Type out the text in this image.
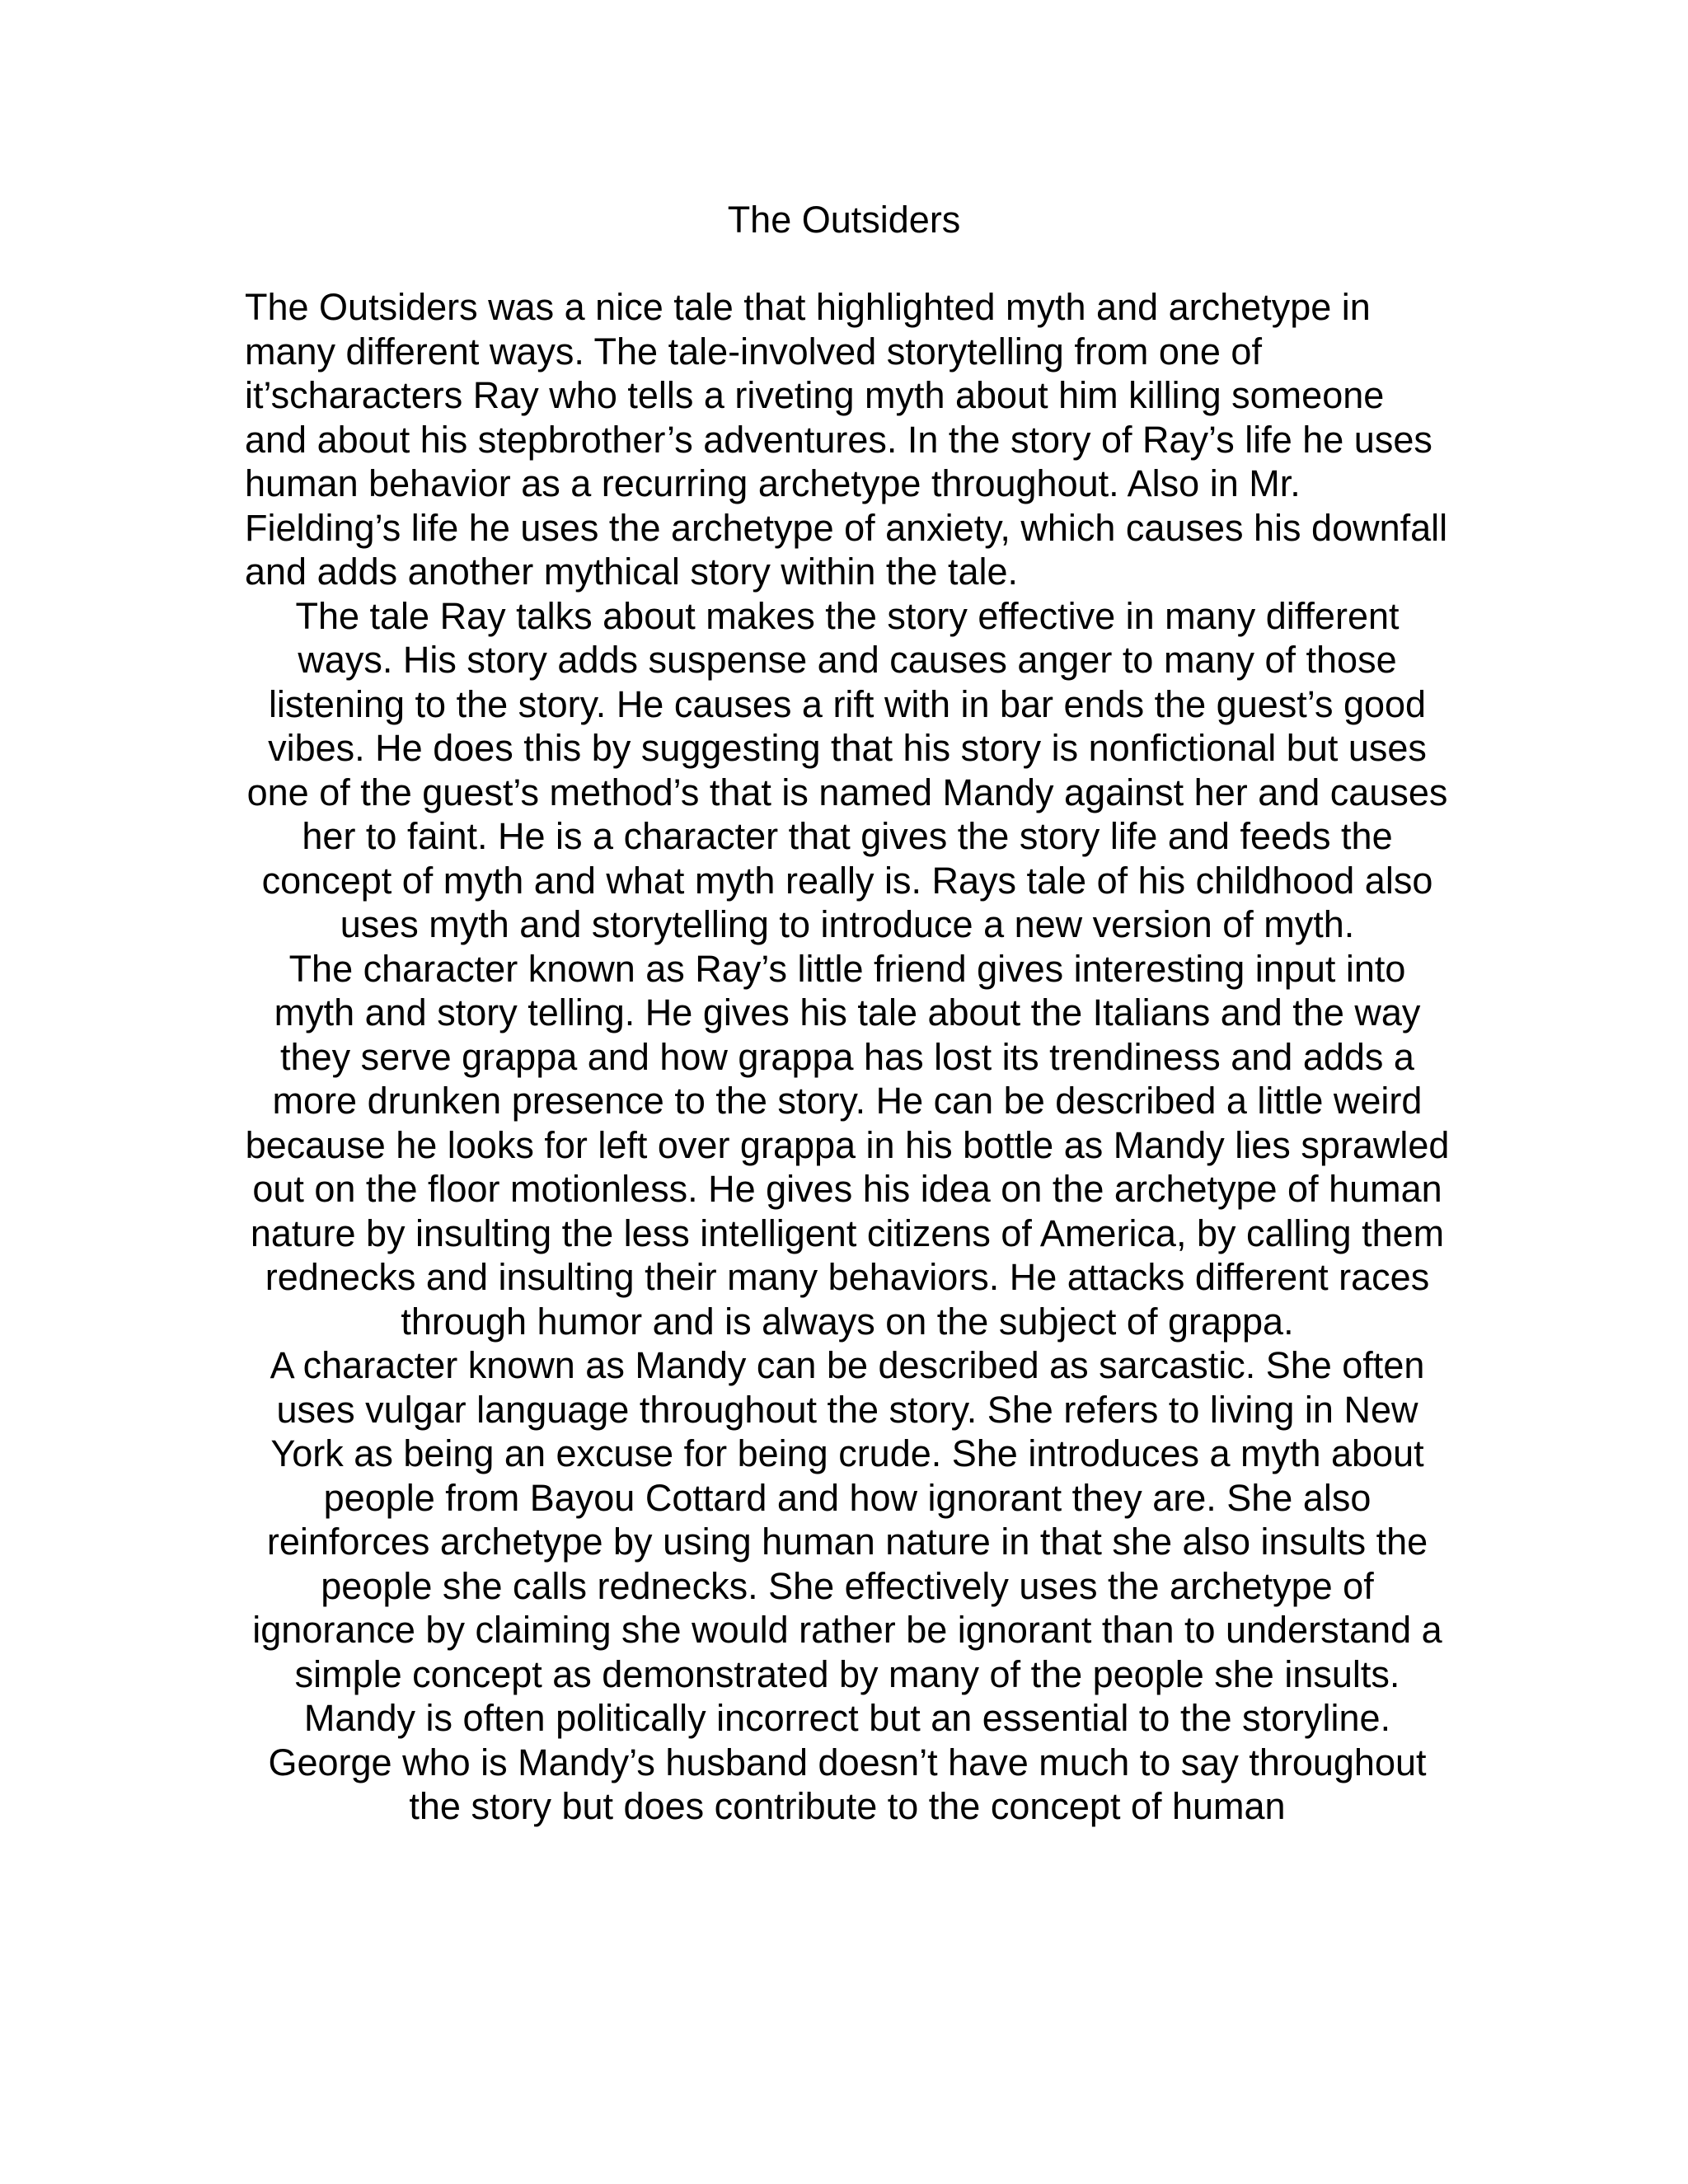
The Outsiders

The Outsiders was a nice tale that highlighted myth and archetype in many different ways. The tale-involved storytelling from one of it’scharacters Ray who tells a riveting myth about him killing someone and about his stepbrother’s adventures. In the story of Ray’s life he uses human behavior as a recurring archetype throughout. Also in Mr. Fielding’s life he uses the archetype of anxiety, which causes his downfall and adds another mythical story within the tale.

The tale Ray talks about makes the story effective in many different ways. His story adds suspense and causes anger to many of those listening to the story. He causes a rift with in bar ends the guest’s good vibes. He does this by suggesting that his story is nonfictional but uses one of the guest’s method’s that is named Mandy against her and causes her to faint. He is a character that gives the story life and feeds the concept of myth and what myth really is. Rays tale of his childhood also uses myth and storytelling to introduce a new version of myth.

The character known as Ray’s little friend gives interesting input into myth and story telling. He gives his tale about the Italians and the way they serve grappa and how grappa has lost its trendiness and adds a more drunken presence to the story. He can be described a little weird because he looks for left over grappa in his bottle as Mandy lies sprawled out on the floor motionless. He gives his idea on the archetype of human nature by insulting the less intelligent citizens of America, by calling them rednecks and insulting their many behaviors. He attacks different races through humor and is always on the subject of grappa.

A character known as Mandy can be described as sarcastic. She often uses vulgar language throughout the story. She refers to living in New York as being an excuse for being crude. She introduces a myth about people from Bayou Cottard and how ignorant they are. She also reinforces archetype by using human nature in that she also insults the people she calls rednecks. She effectively uses the archetype of ignorance by claiming she would rather be ignorant than to understand a simple concept as demonstrated by many of the people she insults. Mandy is often politically incorrect but an essential to the storyline.

George who is Mandy’s husband doesn’t have much to say throughout the story but does contribute to the concept of human
